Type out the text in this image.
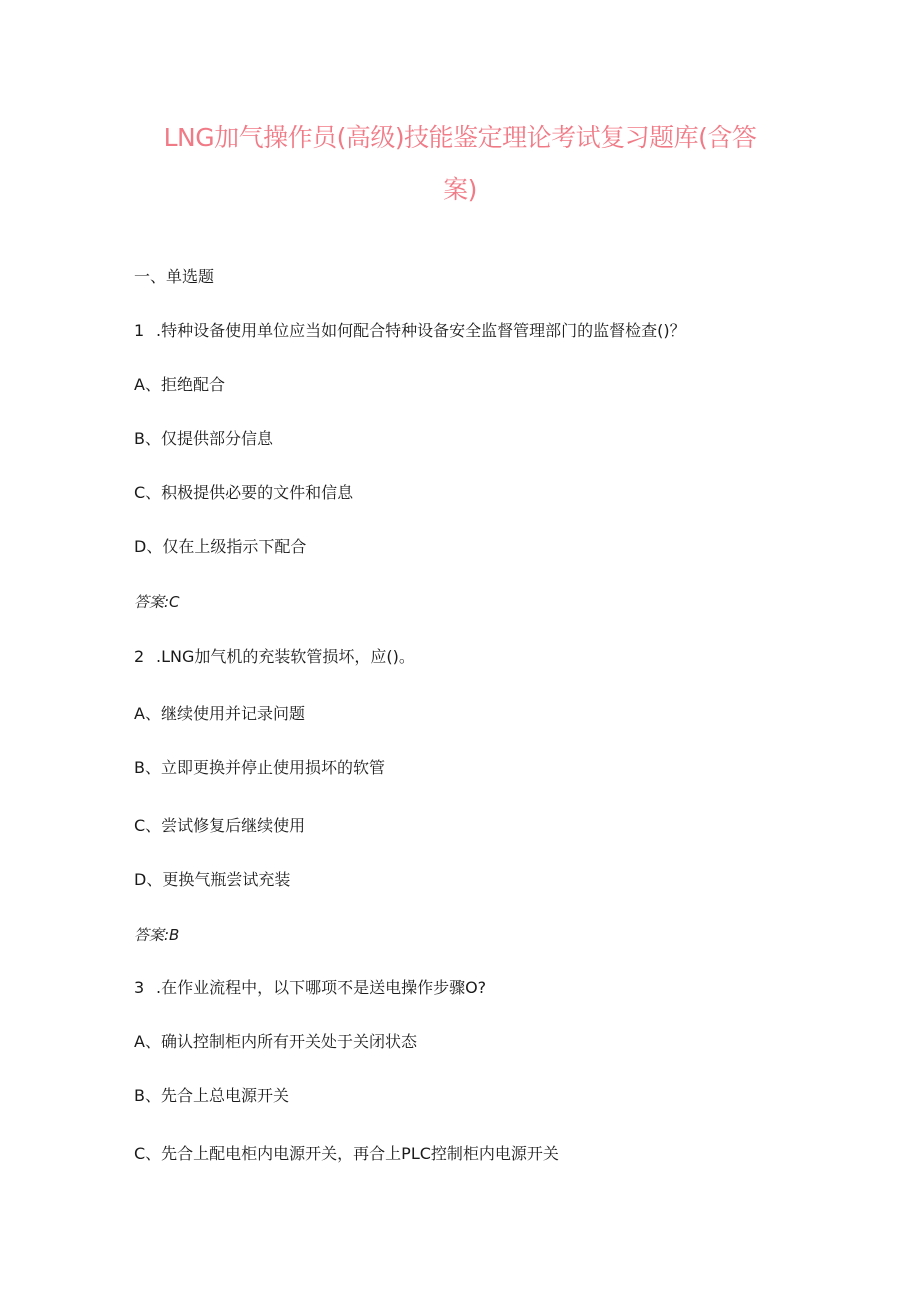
LNG加气操作员(高级)技能鉴定理论考试复习题库(含答
案)

一、单选题

1 .特种设备使用单位应当如何配合特种设备安全监督管理部门的监督检查()？

A、拒绝配合

B、仅提供部分信息

C、积极提供必要的文件和信息

D、仅在上级指示下配合

答案:C

2 .LNG加气机的充装软管损坏，应()。

A、继续使用并记录问题

B、立即更换并停止使用损坏的软管

C、尝试修复后继续使用

D、更换气瓶尝试充装

答案:B

3 .在作业流程中，以下哪项不是送电操作步骤O?

A、确认控制柜内所有开关处于关闭状态

B、先合上总电源开关

C、先合上配电柜内电源开关，再合上PLC控制柜内电源开关
